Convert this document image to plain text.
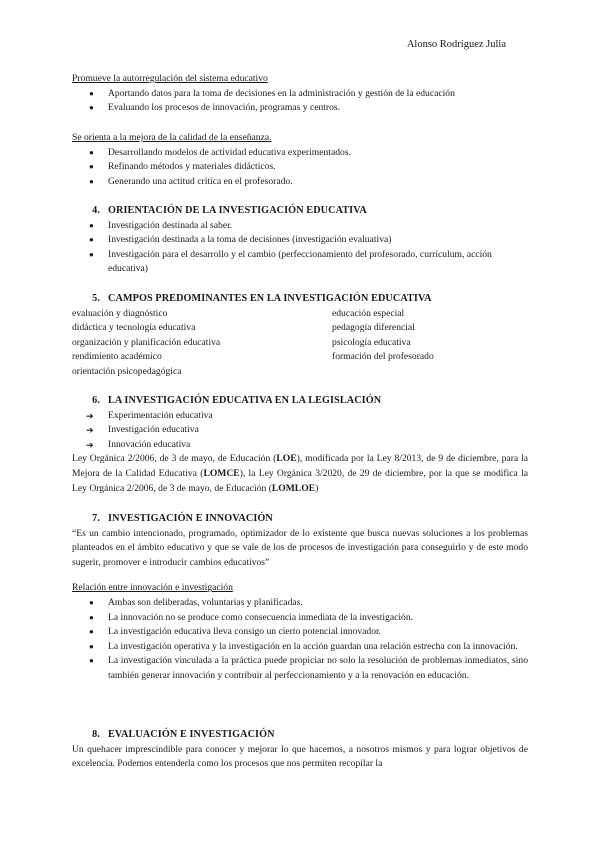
Alonso Rodríguez Julia
Promueve la autorregulación del sistema educativo
● Aportando datos para la toma de decisiones en la administración y gestión de la educación
● Evaluando los procesos de innovación, programas y centros.
Se orienta a la mejora de la calidad de la enseñanza.
● Desarrollando modelos de actividad educativa experimentados.
● Refinando métodos y materiales didácticos.
● Generando una actitud crítica en el profesorado.
4. ORIENTACIÓN DE LA INVESTIGACIÓN EDUCATIVA
● Investigación destinada al saber.
● Investigación destinada a la toma de decisiones (investigación evaluativa)
● Investigación para el desarrollo y el cambio (perfeccionamiento del profesorado, currículum, acción educativa)
5. CAMPOS PREDOMINANTES EN LA INVESTIGACIÓN EDUCATIVA
evaluación y diagnóstico
didáctica y tecnología educativa
organización y planificación educativa
rendimiento académico
orientación psicopedagógica
educación especial
pedagogía diferencial
psicología educativa
formación del profesorado
6. LA INVESTIGACIÓN EDUCATIVA EN LA LEGISLACIÓN
➔ Experimentación educativa
➔ Investigación educativa
➔ Innovación educativa
Ley Orgánica 2/2006, de 3 de mayo, de Educación (LOE), modificada por la Ley 8/2013, de 9 de diciembre, para la Mejora de la Calidad Educativa (LOMCE), la Ley Orgánica 3/2020, de 29 de diciembre, por la que se modifica la Ley Orgánica 2/2006, de 3 de mayo, de Educación (LOMLOE)
7. INVESTIGACIÓN E INNOVACIÓN
“Es un cambio intencionado, programado, optimizador de lo existente que busca nuevas soluciones a los problemas planteados en el ámbito educativo y que se vale de los de procesos de investigación para conseguirlo y de este modo sugerir, promover e introducir cambios educativos”
Relación entre innovación e investigación
● Ambas son deliberadas, voluntarias y planificadas.
● La innovación no se produce como consecuencia inmediata de la investigación.
● La investigación educativa lleva consigo un cierto potencial innovador.
● La investigación operativa y la investigación en la acción guardan una relación estrecha con la innovación.
● La investigación vinculada a la práctica puede propiciar no solo la resolución de problemas inmediatos, sino también generar innovación y contribuir al perfeccionamiento y a la renovación en educación.
8. EVALUACIÓN E INVESTIGACIÓN
Un quehacer imprescindible para conocer y mejorar lo que hacemos, a nosotros mismos y para lograr objetivos de excelencia. Podemos entenderla como los procesos que nos permiten recopilar la
